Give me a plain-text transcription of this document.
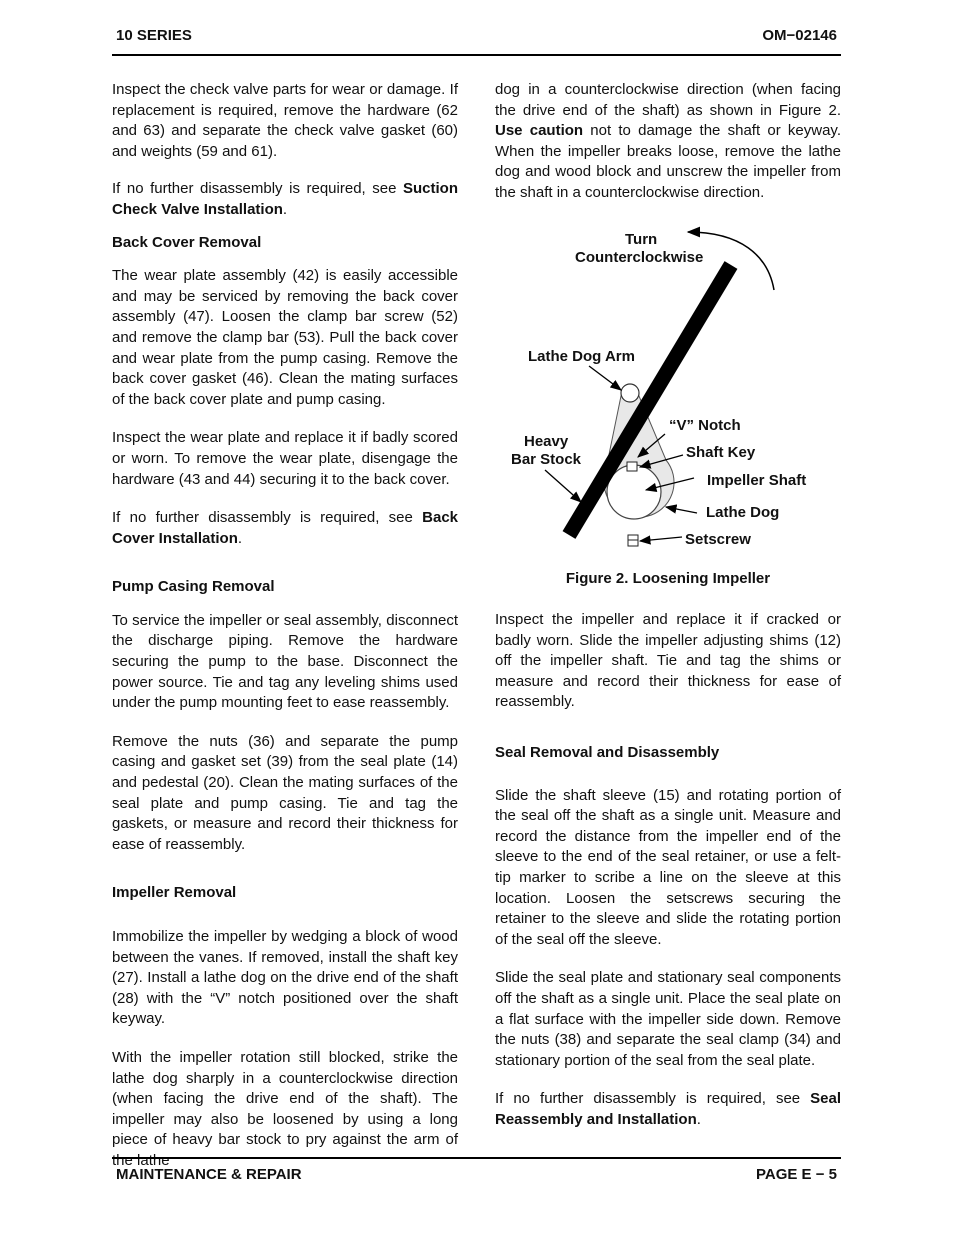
10 SERIES	OM−02146

Inspect the check valve parts for wear or damage. If replacement is required, remove the hardware (62 and 63) and separate the check valve gasket (60) and weights (59 and 61).

If no further disassembly is required, see Suction Check Valve Installation.

Back Cover Removal

The wear plate assembly (42) is easily accessible and may be serviced by removing the back cover assembly (47). Loosen the clamp bar screw (52) and remove the clamp bar (53). Pull the back cover and wear plate from the pump casing. Remove the back cover gasket (46). Clean the mating surfaces of the back cover plate and pump casing.

Inspect the wear plate and replace it if badly scored or worn. To remove the wear plate, disengage the hardware (43 and 44) securing it to the back cover.

If no further disassembly is required, see Back Cover Installation.

Pump Casing Removal

To service the impeller or seal assembly, disconnect the discharge piping. Remove the hardware securing the pump to the base. Disconnect the power source. Tie and tag any leveling shims used under the pump mounting feet to ease reassembly.

Remove the nuts (36) and separate the pump casing and gasket set (39) from the seal plate (14) and pedestal (20). Clean the mating surfaces of the seal plate and pump casing. Tie and tag the gaskets, or measure and record their thickness for ease of reassembly.

Impeller Removal

Immobilize the impeller by wedging a block of wood between the vanes. If removed, install the shaft key (27). Install a lathe dog on the drive end of the shaft (28) with the “V” notch positioned over the shaft keyway.

With the impeller rotation still blocked, strike the lathe dog sharply in a counterclockwise direction (when facing the drive end of the shaft). The impeller may also be loosened by using a long piece of heavy bar stock to pry against the arm of the lathe

dog in a counterclockwise direction (when facing the drive end of the shaft) as shown in Figure 2. Use caution not to damage the shaft or keyway. When the impeller breaks loose, remove the lathe dog and wood block and unscrew the impeller from the shaft in a counterclockwise direction.

Turn
Counterclockwise
Lathe Dog Arm
“V” Notch
Heavy
Bar Stock	Shaft Key
Impeller Shaft
Lathe Dog
Setscrew
Figure 2. Loosening Impeller

Inspect the impeller and replace it if cracked or badly worn. Slide the impeller adjusting shims (12) off the impeller shaft. Tie and tag the shims or measure and record their thickness for ease of reassembly.

Seal Removal and Disassembly

Slide the shaft sleeve (15) and rotating portion of the seal off the shaft as a single unit. Measure and record the distance from the impeller end of the sleeve to the end of the seal retainer, or use a felt-tip marker to scribe a line on the sleeve at this location. Loosen the setscrews securing the retainer to the sleeve and slide the rotating portion of the seal off the sleeve.

Slide the seal plate and stationary seal components off the shaft as a single unit. Place the seal plate on a flat surface with the impeller side down. Remove the nuts (38) and separate the seal clamp (34) and stationary portion of the seal from the seal plate.

If no further disassembly is required, see Seal Reassembly and Installation.

MAINTENANCE & REPAIR	PAGE E − 5
